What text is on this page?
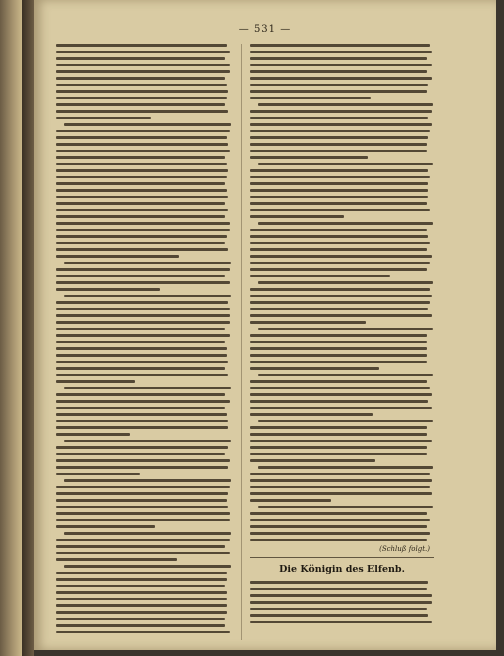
— 531 —
(Schluß folgt.)
Die Königin des Elfenb.
